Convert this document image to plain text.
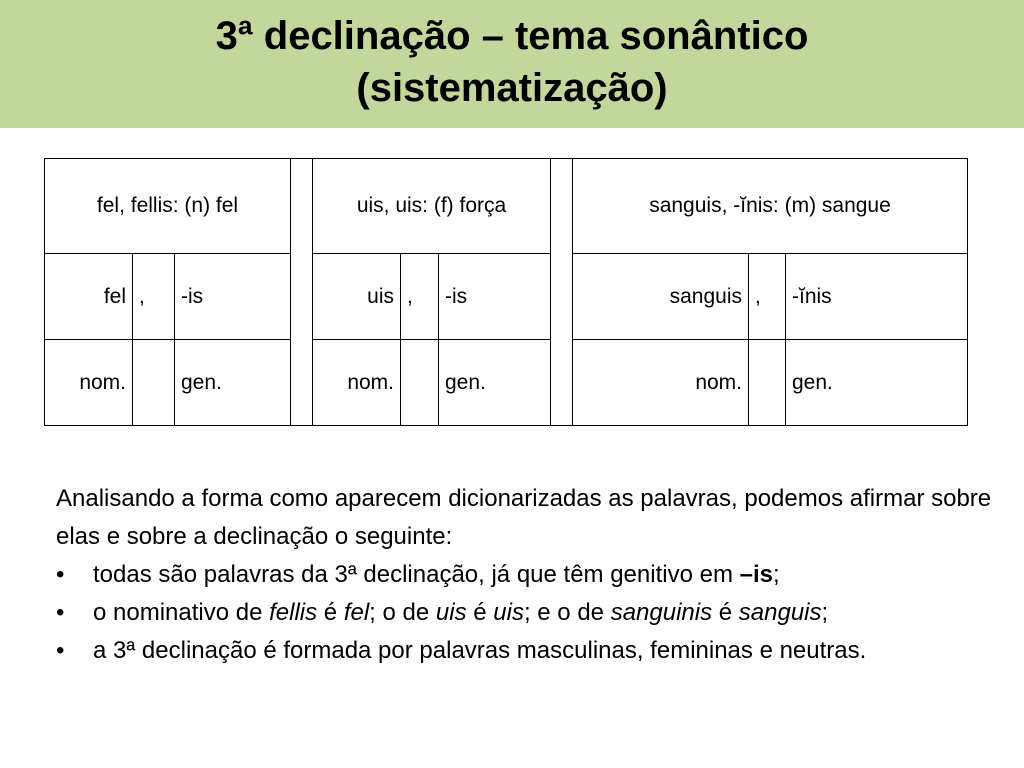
3ª declinação – tema sonântico
(sistematização)
fel, fellis: (n) fel				uis, uis: (f) força				sanguis, -ĭnis: (m) sangue		
fel	,	-is		uis	,	-is		sanguis	,	-ĭnis
nom.		gen.		nom.		gen.		nom.		gen.
Analisando a forma como aparecem dicionarizadas as palavras, podemos afirmar sobre elas e sobre a declinação o seguinte:
• todas são palavras da 3ª declinação, já que têm genitivo em –is;
• o nominativo de fellis é fel; o de uis é uis; e o de sanguinis é sanguis;
• a 3ª declinação é formada por palavras masculinas, femininas e neutras.
